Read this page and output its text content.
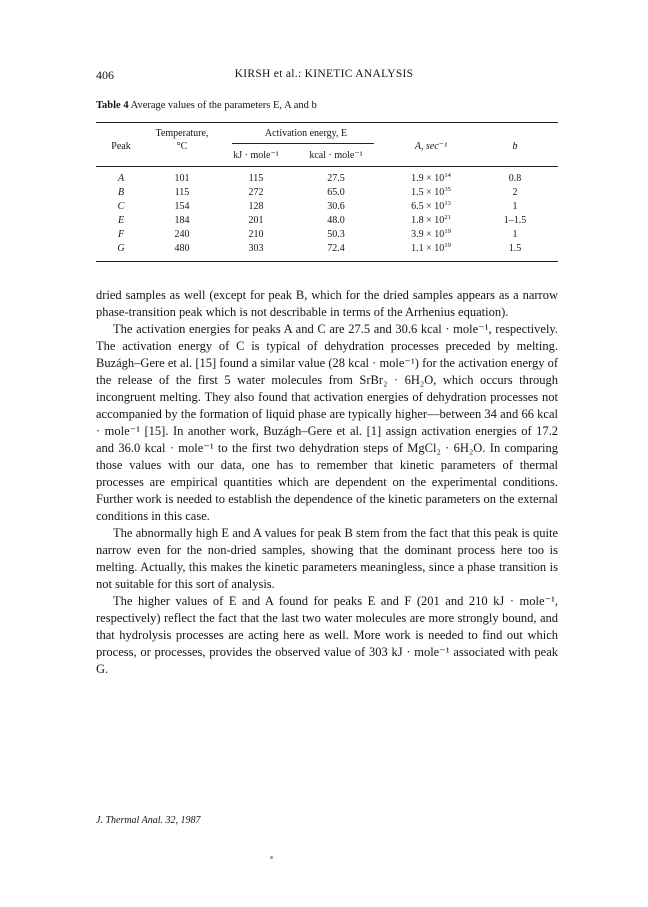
406	KIRSH et al.: KINETIC ANALYSIS
Table 4 Average values of the parameters E, A and b
Peak
Temperature,
°C
Activation energy, E
kJ · mole⁻¹	kcal · mole⁻¹
A, sec⁻¹	b
A	101	115	27.5	$1.9 \times 10^{14}$	0.8
B	115	272	65.0	$1.5 \times 10^{35}$	2
C	154	128	30.6	$6.5 \times 10^{13}$	1
E	184	201	48.0	$1.8 \times 10^{21}$	1–1.5
F	240	210	50.3	$3.9 \times 10^{19}$	1
G	480	303	72.4	$1.1 \times 10^{19}$	1.5

dried samples as well (except for peak B, which for the dried samples appears as a narrow phase-transition peak which is not describable in terms of the Arrhenius equation).

The activation energies for peaks A and C are 27.5 and 30.6 kcal · mole⁻¹, respectively. The activation energy of C is typical of dehydration processes preceded by melting. Buzágh–Gere et al. [15] found a similar value (28 kcal · mole⁻¹) for the activation energy of the release of the first 5 water molecules from SrBr₂ · 6H₂O, which occurs through incongruent melting. They also found that activation energies of dehydration processes not accompanied by the formation of liquid phase are typically higher—between 34 and 66 kcal · mole⁻¹ [15]. In another work, Buzágh–Gere et al. [1] assign activation energies of 17.2 and 36.0 kcal · mole⁻¹ to the first two dehydration steps of MgCl₂ · 6H₂O. In comparing those values with our data, one has to remember that kinetic parameters of thermal processes are empirical quantities which are dependent on the experimental conditions. Further work is needed to establish the dependence of the kinetic parameters on the external conditions in this case.

The abnormally high E and A values for peak B stem from the fact that this peak is quite narrow even for the non-dried samples, showing that the dominant process here too is melting. Actually, this makes the kinetic parameters meaningless, since a phase transition is not suitable for this sort of analysis.

The higher values of E and A found for peaks E and F (201 and 210 kJ · mole⁻¹, respectively) reflect the fact that the last two water molecules are more strongly bound, and that hydrolysis processes are acting here as well. More work is needed to find out which process, or processes, provides the observed value of 303 kJ · mole⁻¹ associated with peak G.

J. Thermal Anal. 32, 1987
